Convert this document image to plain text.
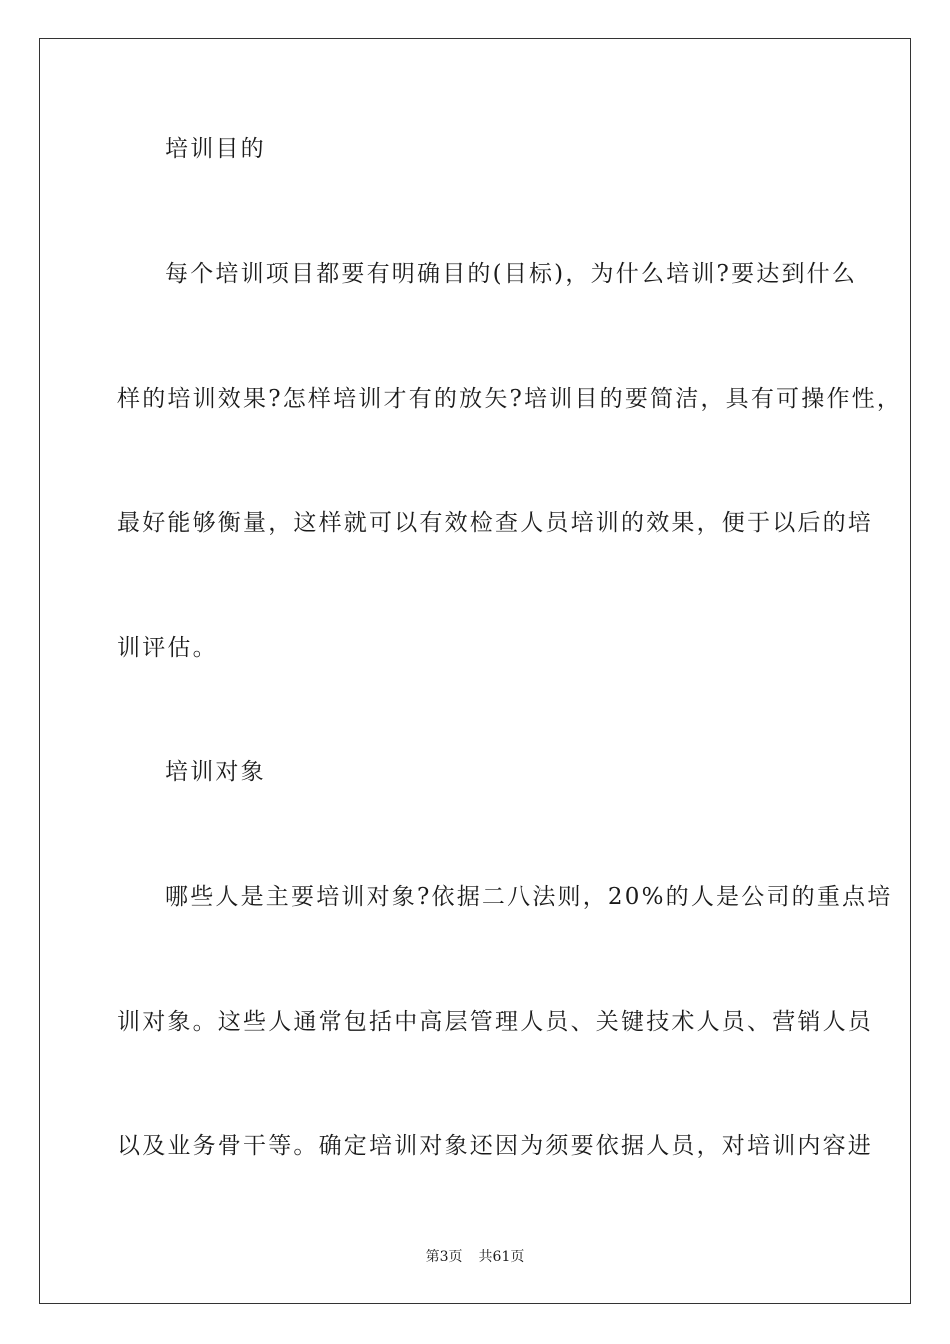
培训目的
每个培训项目都要有明确目的(目标)，为什么培训?要达到什么
样的培训效果?怎样培训才有的放矢?培训目的要简洁，具有可操作性，
最好能够衡量，这样就可以有效检查人员培训的效果，便于以后的培
训评估。
培训对象
哪些人是主要培训对象?依据二八法则，20%的人是公司的重点培
训对象。这些人通常包括中高层管理人员、关键技术人员、营销人员
以及业务骨干等。确定培训对象还因为须要依据人员，对培训内容进
第3页 共61页
